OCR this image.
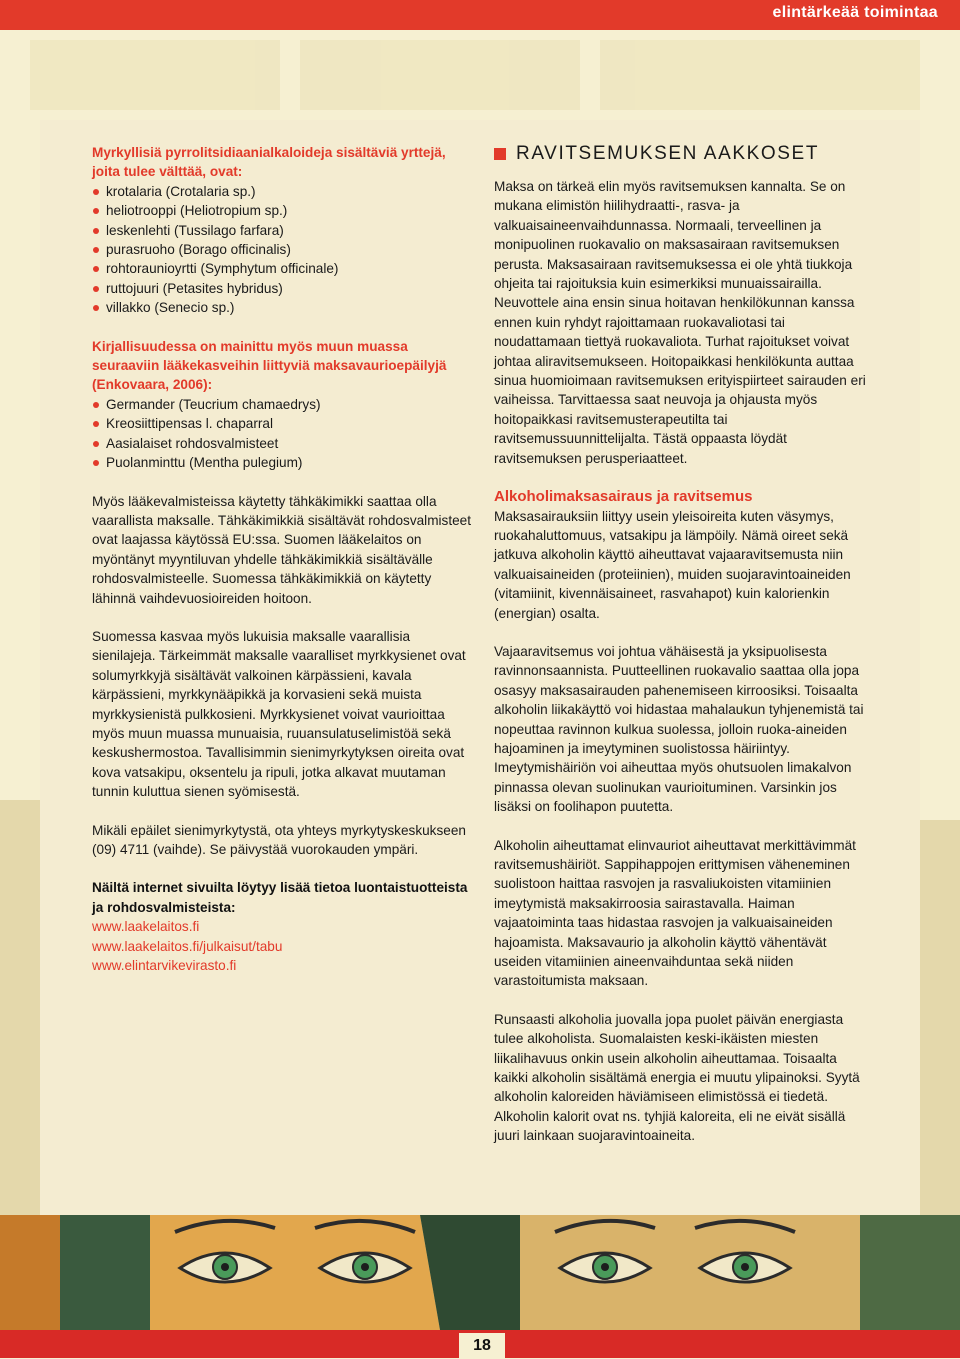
elintärkeää toimintaa

Myrkyllisiä pyrrolitsidiaanialkaloideja sisältäviä yrttejä, joita tulee välttää, ovat:

krotalaria (Crotalaria sp.)
heliotrooppi (Heliotropium sp.)
leskenlehti (Tussilago farfara)
purasruoho (Borago officinalis)
rohtoraunioyrtti (Symphytum officinale)
ruttojuuri (Petasites hybridus)
villakko (Senecio sp.)

Kirjallisuudessa on mainittu myös muun muassa seuraaviin lääkekasveihin liittyviä maksavaurioepäilyjä (Enkovaara, 2006):

Germander (Teucrium chamaedrys)
Kreosiittipensas l. chaparral
Aasialaiset rohdosvalmisteet
Puolanminttu (Mentha pulegium)

Myös lääkevalmisteissa käytetty tähkäkimikki saattaa olla vaarallista maksalle. Tähkäkimikkiä sisältävät rohdosvalmisteet ovat laajassa käytössä EU:ssa. Suomen lääkelaitos on myöntänyt myyntiluvan yhdelle tähkäkimikkiä sisältävälle rohdosvalmisteelle. Suomessa tähkäkimikkiä on käytetty lähinnä vaihdevuosioireiden hoitoon.

Suomessa kasvaa myös lukuisia maksalle vaarallisia sienilajeja. Tärkeimmät maksalle vaaralliset myrkkysienet ovat solumyrkkyjä sisältävät valkoinen kärpässieni, kavala kärpässieni, myrkkynääpikkä ja korvasieni sekä muista myrkkysienistä pulkkosieni. Myrkkysienet voivat vaurioittaa myös muun muassa munuaisia, ruuansulatuselimistöä sekä keskushermostoa. Tavallisimmin sienimyrkytyksen oireita ovat kova vatsakipu, oksentelu ja ripuli, jotka alkavat muutaman tunnin kuluttua sienen syömisestä.

Mikäli epäilet sienimyrkytystä, ota yhteys myrkytyskeskukseen (09) 4711 (vaihde). Se päivystää vuorokauden ympäri.

Näiltä internet sivuilta löytyy lisää tietoa luontaistuotteista ja rohdosvalmisteista:

www.laakelaitos.fi

www.laakelaitos.fi/julkaisut/tabu

www.elintarvikevirasto.fi

RAVITSEMUKSEN AAKKOSET

Maksa on tärkeä elin myös ravitsemuksen kannalta. Se on mukana elimistön hiilihydraatti-, rasva- ja valkuaisaineenvaihdunnassa. Normaali, terveellinen ja monipuolinen ruokavalio on maksasairaan ravitsemuksen perusta. Maksasairaan ravitsemuksessa ei ole yhtä tiukkoja ohjeita tai rajoituksia kuin esimerkiksi munuaissairailla. Neuvottele aina ensin sinua hoitavan henkilökunnan kanssa ennen kuin ryhdyt rajoittamaan ruokavaliotasi tai noudattamaan tiettyä ruokavaliota. Turhat rajoitukset voivat johtaa aliravitsemukseen. Hoitopaikkasi henkilökunta auttaa sinua huomioimaan ravitsemuksen erityispiirteet sairauden eri vaiheissa. Tarvittaessa saat neuvoja ja ohjausta myös hoitopaikkasi ravitsemusterapeutilta tai ravitsemussuunnittelijalta. Tästä oppaasta löydät ravitsemuksen perusperiaatteet.

Alkoholimaksasairaus ja ravitsemus

Maksasairauksiin liittyy usein yleisoireita kuten väsymys, ruokahaluttomuus, vatsakipu ja lämpöily. Nämä oireet sekä jatkuva alkoholin käyttö aiheuttavat vajaaravitsemusta niin valkuaisaineiden (proteiinien), muiden suojaravintoaineiden (vitamiinit, kivennäisaineet, rasvahapot) kuin kalorienkin (energian) osalta.

Vajaaravitsemus voi johtua vähäisestä ja yksipuolisesta ravinnonsaannista. Puutteellinen ruokavalio saattaa olla jopa osasyy maksasairauden pahenemiseen kirroosiksi. Toisaalta alkoholin liikakäyttö voi hidastaa mahalaukun tyhjenemistä tai nopeuttaa ravinnon kulkua suolessa, jolloin ruoka-aineiden hajoaminen ja imeytyminen suolistossa häiriintyy. Imeytymishäiriön voi aiheuttaa myös ohutsuolen limakalvon pinnassa olevan suolinukan vaurioituminen. Varsinkin jos lisäksi on foolihapon puutetta.

Alkoholin aiheuttamat elinvauriot aiheuttavat merkittävimmät ravitsemushäiriöt. Sappihappojen erittymisen väheneminen suolistoon haittaa rasvojen ja rasvaliukoisten vitamiinien imeytymistä maksakirroosia sairastavalla. Haiman vajaatoiminta taas hidastaa rasvojen ja valkuaisaineiden hajoamista. Maksavaurio ja alkoholin käyttö vähentävät useiden vitamiinien aineenvaihduntaa sekä niiden varastoitumista maksaan.

Runsaasti alkoholia juovalla jopa puolet päivän energiasta tulee alkoholista. Suomalaisten keski-ikäisten miesten liikalihavuus onkin usein alkoholin aiheuttamaa. Toisaalta kaikki alkoholin sisältämä energia ei muutu ylipainoksi. Syytä alkoholin kaloreiden häviämiseen elimistössä ei tiedetä. Alkoholin kalorit ovat ns. tyhjiä kaloreita, eli ne eivät sisällä juuri lainkaan suojaravintoaineita.

18
